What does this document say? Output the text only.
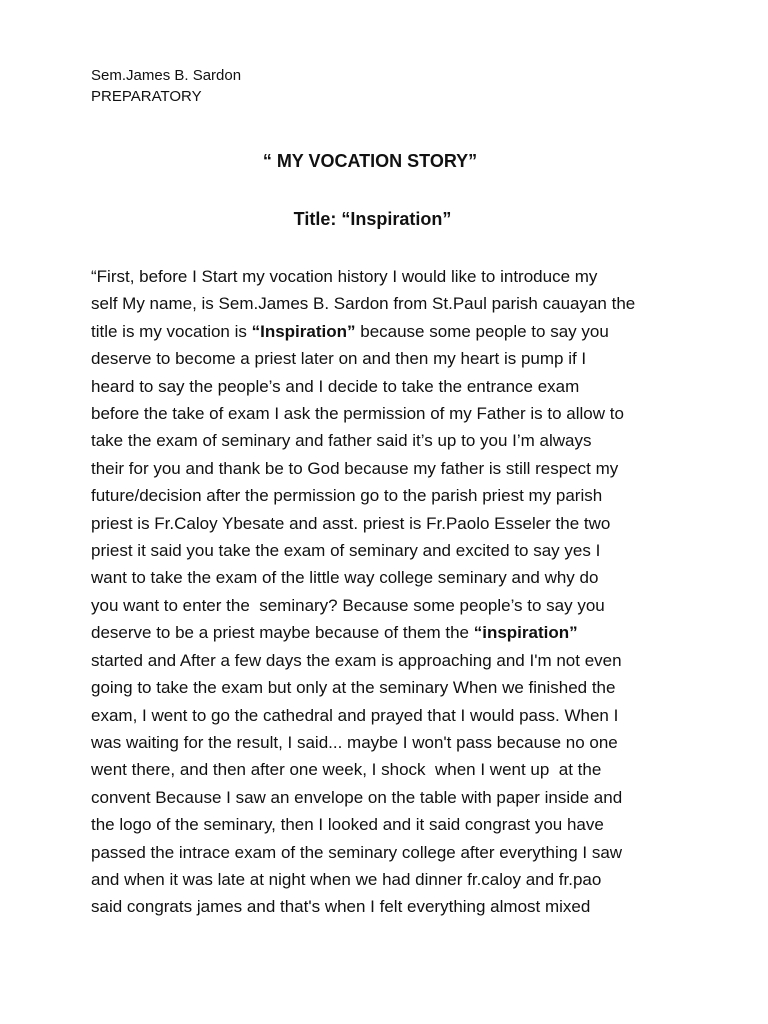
Sem.James B. Sardon
PREPARATORY
“ MY VOCATION STORY”
Title: “Inspiration”
“First, before I Start my vocation history I would like to introduce my
self My name, is Sem.James B. Sardon from St.Paul parish cauayan the
title is my vocation is “Inspiration” because some people to say you
deserve to become a priest later on and then my heart is pump if I
heard to say the people’s and I decide to take the entrance exam
before the take of exam I ask the permission of my Father is to allow to
take the exam of seminary and father said it’s up to you I’m always
their for you and thank be to God because my father is still respect my
future/decision after the permission go to the parish priest my parish
priest is Fr.Caloy Ybesate and asst. priest is Fr.Paolo Esseler the two
priest it said you take the exam of seminary and excited to say yes I
want to take the exam of the little way college seminary and why do
you want to enter the  seminary? Because some people’s to say you
deserve to be a priest maybe because of them the “inspiration”
started and After a few days the exam is approaching and I'm not even
going to take the exam but only at the seminary When we finished the
exam, I went to go the cathedral and prayed that I would pass. When I
was waiting for the result, I said... maybe I won't pass because no one
went there, and then after one week, I shock  when I went up  at the
convent Because I saw an envelope on the table with paper inside and
the logo of the seminary, then I looked and it said congrast you have
passed the intrace exam of the seminary college after everything I saw
and when it was late at night when we had dinner fr.caloy and fr.pao
said congrats james and that's when I felt everything almost mixed
